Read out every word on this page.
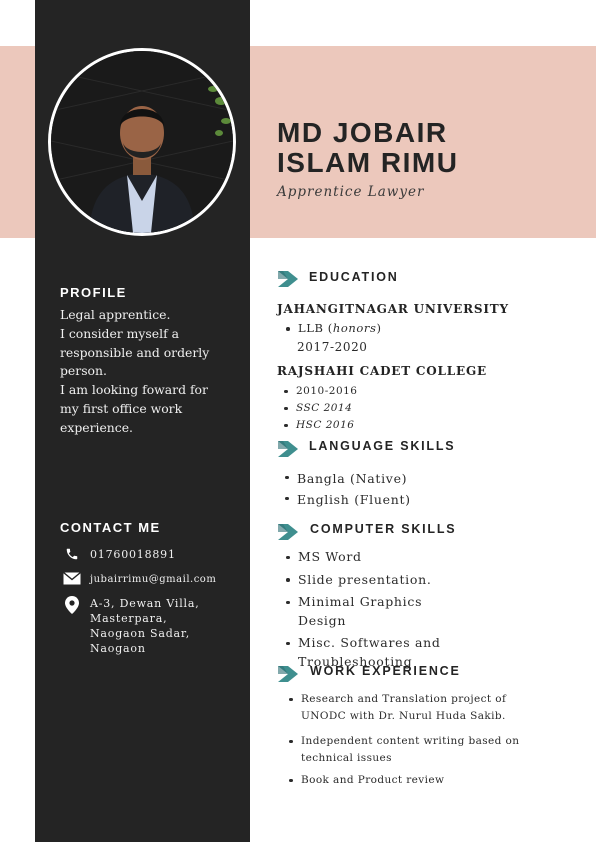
MD JOBAIR
ISLAM RIMU

Apprentice Lawyer

PROFILE
Legal apprentice.
I consider myself a responsible and orderly person.
I am looking foward for my first office work experience.
CONTACT ME
01760018891
jubairrimu@gmail.com
A-3, Dewan Villa,
Masterpara,
Naogaon Sadar,
Naogaon
EDUCATION
JAHANGITNAGAR UNIVERSITY
LLB (honors)

2017-2020

RAJSHAHI CADET COLLEGE
2010-2016
SSC 2014
HSC 2016
LANGUAGE SKILLS
Bangla (Native)
English (Fluent)
COMPUTER SKILLS
MS Word
Slide presentation.
Minimal Graphics Design
Misc. Softwares and Troubleshooting
WORK EXPERIENCE
Research and Translation project of UNODC with Dr. Nurul Huda Sakib.
Independent content writing based on technical issues
Book and Product review
